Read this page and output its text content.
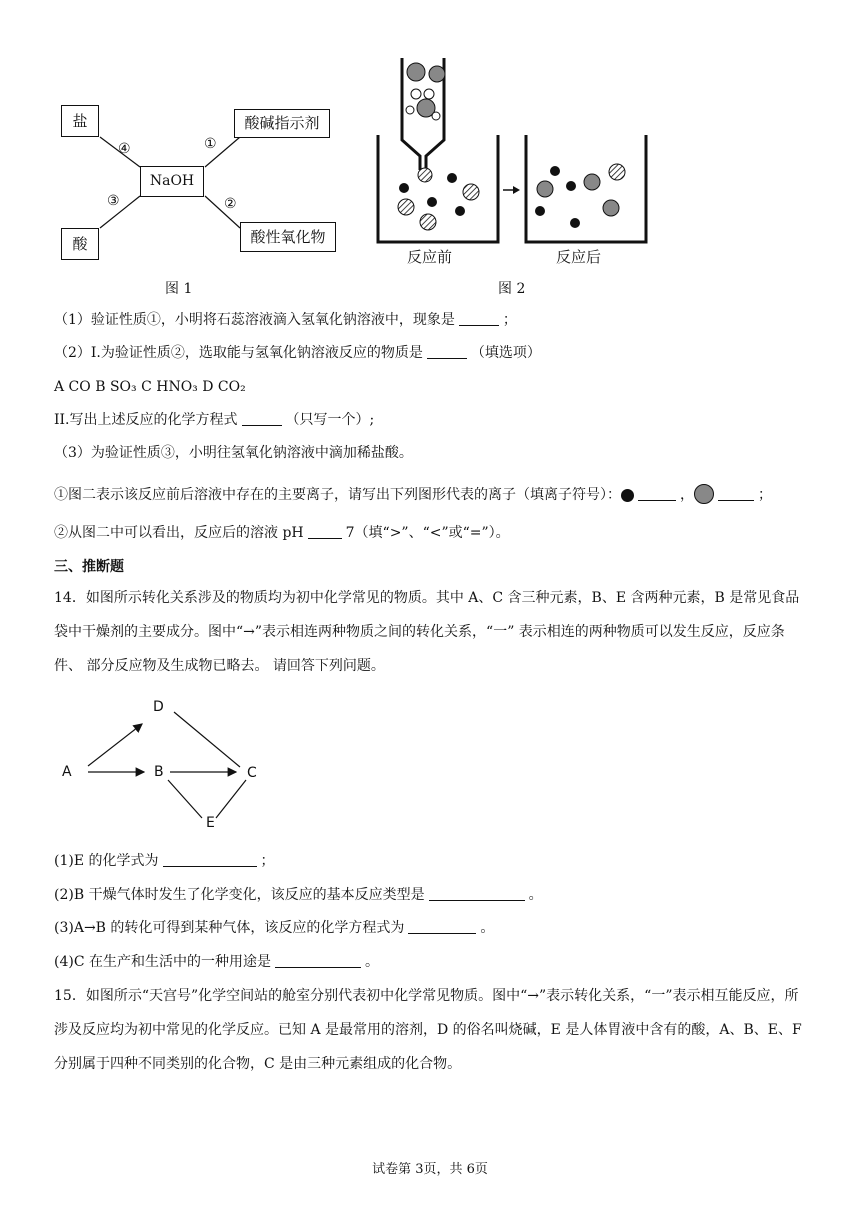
NaOH
盐	酸碱指示剂
酸	酸性氧化物
④	①
③	②
图 1
反应前	反应后
图 2
（1）验证性质①，小明将石蕊溶液滴入氢氧化钠溶液中，现象是	；
（2）I.为验证性质②，选取能与氢氧化钠溶液反应的物质是	（填选项）
A CO B SO₃ C HNO₃ D CO₂
II.写出上述反应的化学方程式	（只写一个）;
（3）为验证性质③，小明往氢氧化钠溶液中滴加稀盐酸。
①图二表示该反应前后溶液中存在的主要离子，请写出下列图形代表的离子（填离子符号）：	，	；
②从图二中可以看出，反应后的溶液 pH	7（填“>”、“<”或“=”）。
三、推断题
14．如图所示转化关系涉及的物质均为初中化学常见的物质。其中 A、C 含三种元素，B、E 含两种元素，B 是常见食品袋中干燥剂的主要成分。图中“→”表示相连两种物质之间的转化关系，“一” 表示相连的两种物质可以发生反应，反应条件、 部分反应物及生成物已略去。 请回答下列问题。
A
D
B	C
E
(1)E 的化学式为	；
(2)B 干燥气体时发生了化学变化，该反应的基本反应类型是	。
(3)A→B 的转化可得到某种气体，该反应的化学方程式为	。
(4)C 在生产和生活中的一种用途是	。
15．如图所示“天宫号”化学空间站的舱室分别代表初中化学常见物质。图中“→”表示转化关系，“一”表示相互能反应，所涉及反应均为初中常见的化学反应。已知 A 是最常用的溶剂，D 的俗名叫烧碱，E 是人体胃液中含有的酸，A、B、E、F 分别属于四种不同类别的化合物，C 是由三种元素组成的化合物。
试卷第 3页，共 6页
